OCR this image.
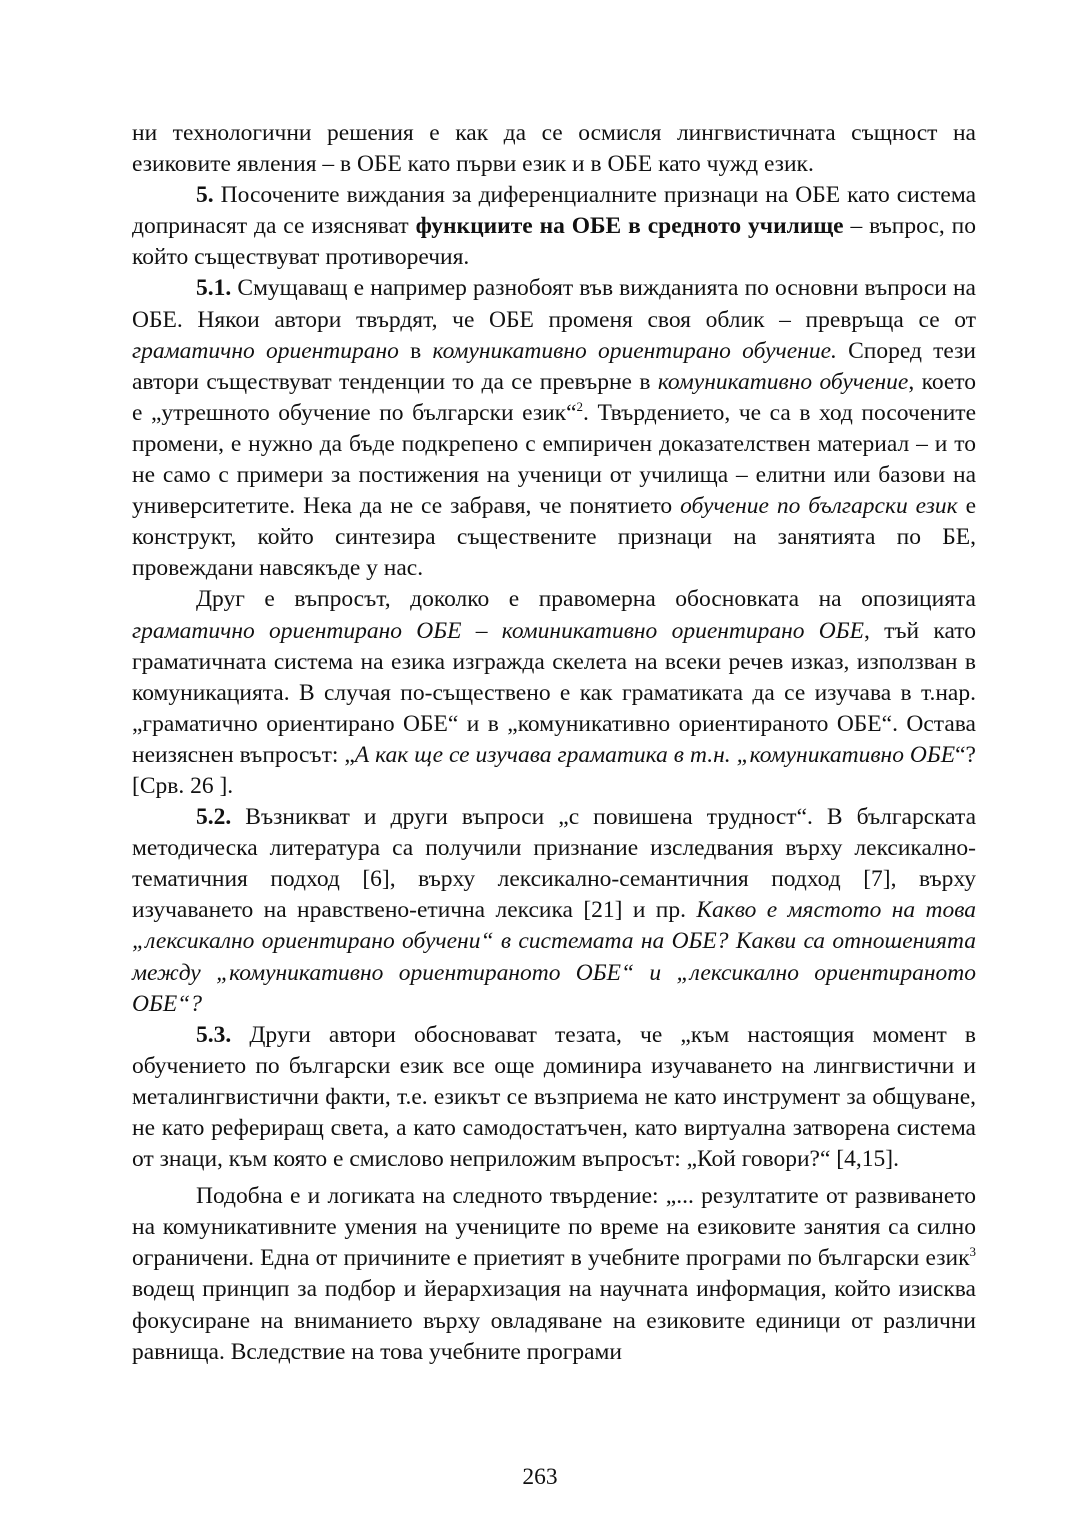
ни технологични решения е как да се осмисля лингвистичната същност на езиковите явления – в ОБЕ като първи език и в ОБЕ като чужд език.

5. Посочените виждания за диференциалните признаци на ОБЕ като система допринасят да се изясняват функциите на ОБЕ в средното училище – въпрос, по който съществуват противоречия.

5.1. Смущаващ е например разнобоят във вижданията по основни въпроси на ОБЕ. Някои автори твърдят, че ОБЕ променя своя облик – превръща се от граматично ориентирано в комуникативно ориентирано обучение. Според тези автори съществуват тенденции то да се превърне в комуникативно обучение, което е „утрешното обучение по български език“$^2$. Твърдението, че са в ход посочените промени, е нужно да бъде подкрепено с емпиричен доказателствен материал – и то не само с примери за постижения на ученици от училища – елитни или базови на университетите. Нека да не се забравя, че понятието обучение по български език е конструкт, който синтезира съществените признаци на занятията по БЕ, провеждани навсякъде у нас.

Друг е въпросът, доколко е правомерна обосновката на опозицията граматично ориентирано ОБЕ – коминикативно ориентирано ОБЕ, тъй като граматичната система на езика изгражда скелета на всеки речев изказ, използван в комуникацията. В случая по-съществено е как граматиката да се изучава в т.нар. „граматично ориентирано ОБЕ“ и в „комуникативно ориентираното ОБЕ“. Остава неизяснен въпросът: „А как ще се изучава граматика в т.н. „комуникативно ОБЕ“? [Срв. 26 ].

5.2. Възникват и други въпроси „с повишена трудност“. В българската методическа литература са получили признание изследвания върху лексикално-тематичния подход [6], върху лексикално-семантичния подход [7], върху изучаването на нравствено-етична лексика [21] и пр. Какво е мястото на това „лексикално ориентирано обучени“ в системата на ОБЕ? Какви са отношенията между „комуникативно ориентираното ОБЕ“ и „лексикално ориентираното ОБЕ“?

5.3. Други автори обосновават тезата, че „към настоящия момент в обучението по български език все още доминира изучаването на лингвистични и металингвистични факти, т.е. езикът се възприема не като инструмент за общуване, не като рефериращ света, а като самодостатъчен, като виртуална затворена система от знаци, към която е смислово неприложим въпросът: „Кой говори?“ [4,15].

Подобна е и логиката на следното твърдение: „... резултатите от развиването на комуникативните умения на учениците по време на езиковите занятия са силно ограничени. Една от причините е приетият в учебните програми по български език$^3$ водещ принцип за подбор и йерархизация на научната информация, който изисква фокусиране на вниманието върху овладяване на езиковите единици от различни равнища. Вследствие на това учебните програми

263
